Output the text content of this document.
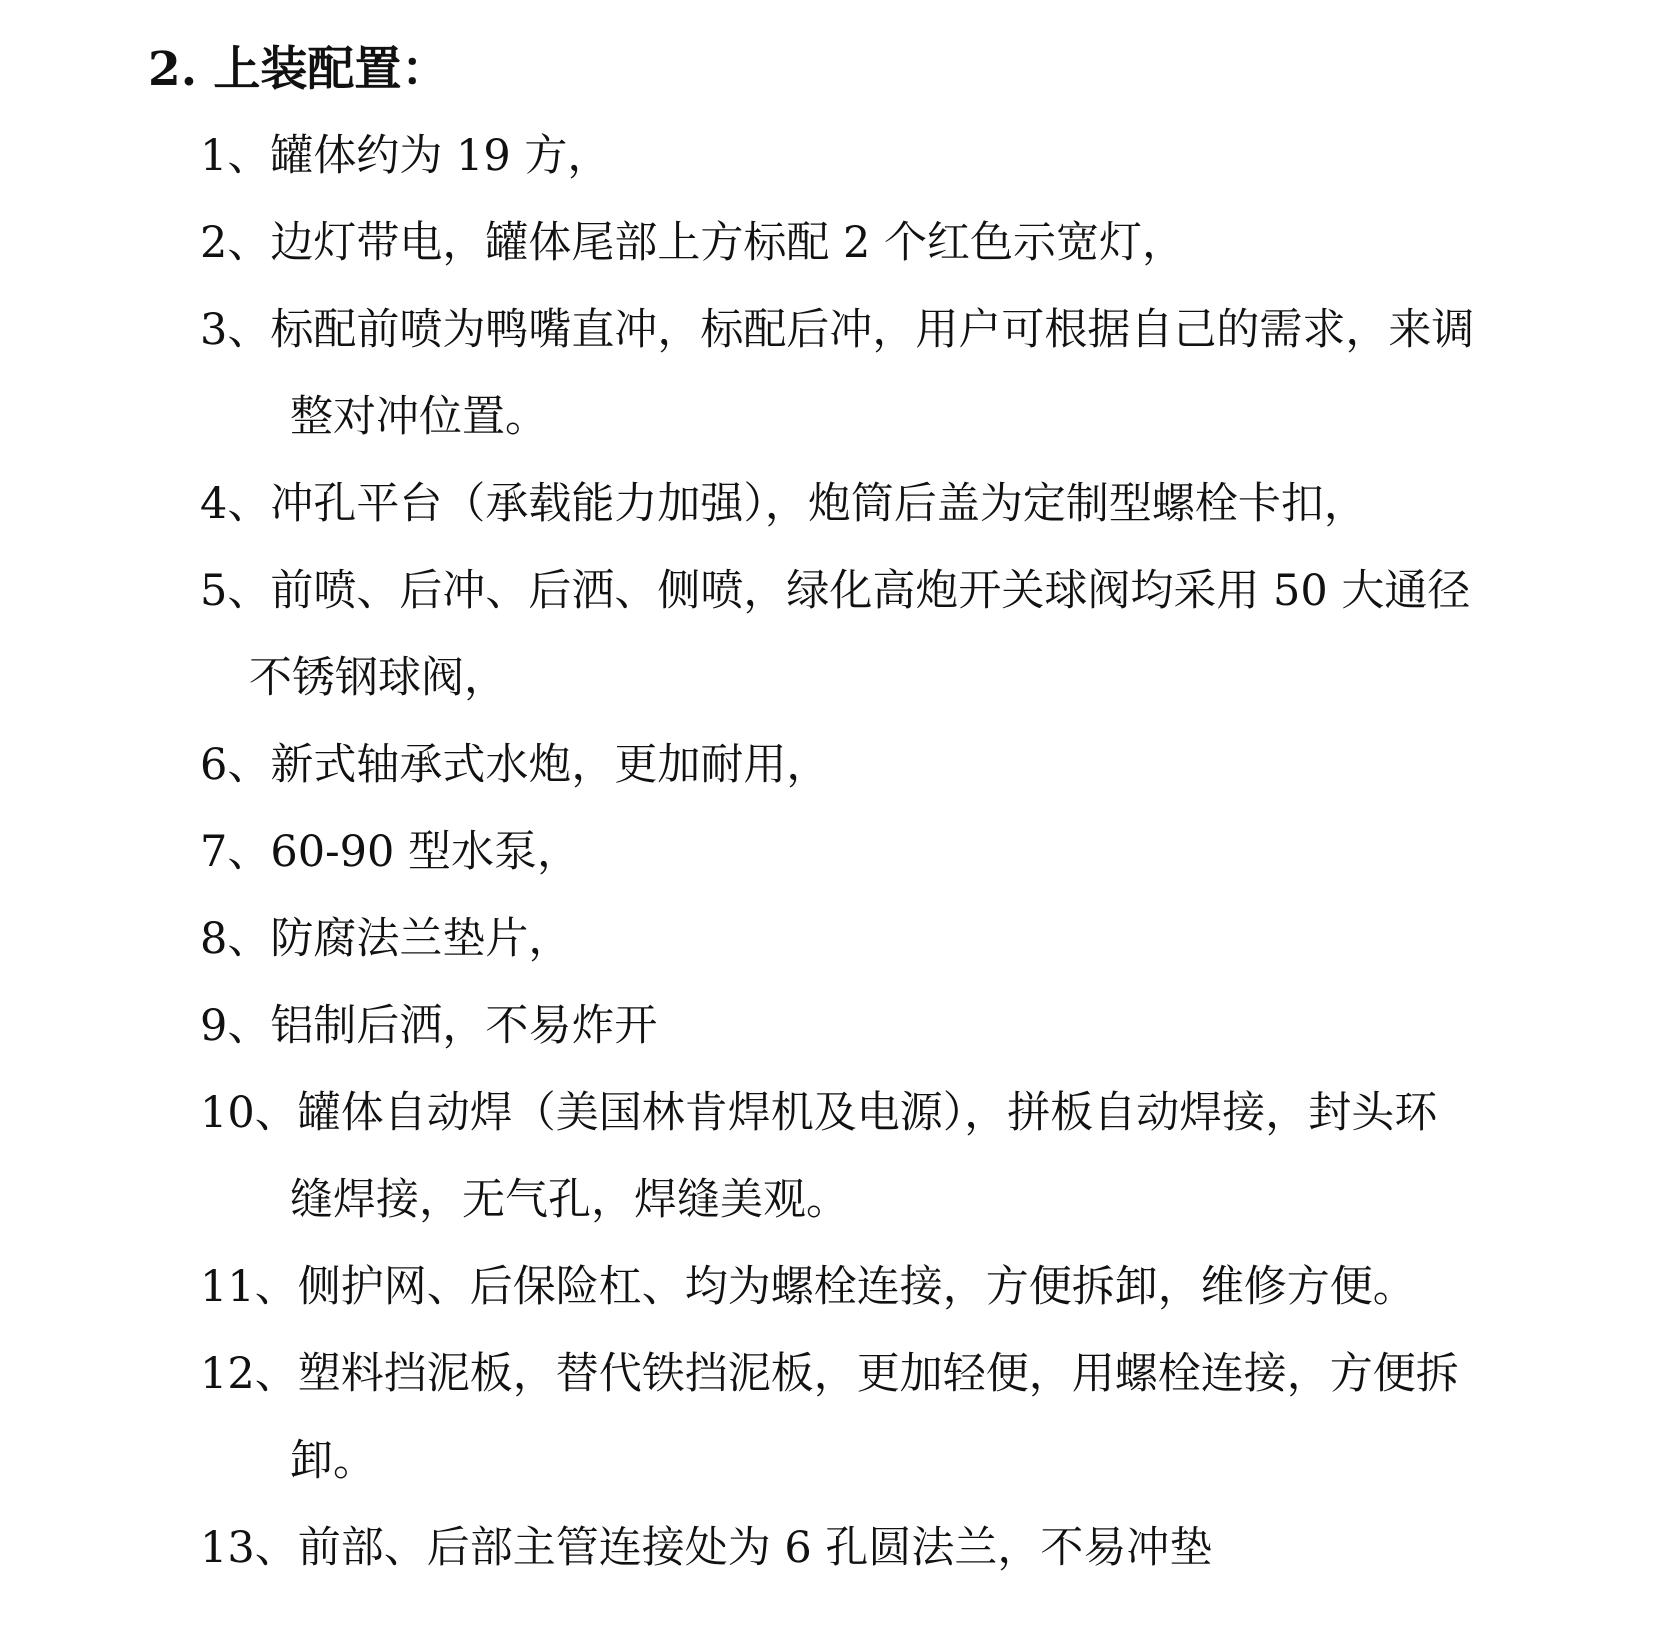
2. 上装配置：
1、罐体约为 19 方，
2、边灯带电，罐体尾部上方标配 2 个红色示宽灯，
3、标配前喷为鸭嘴直冲，标配后冲，用户可根据自己的需求，来调
整对冲位置。
4、冲孔平台（承载能力加强），炮筒后盖为定制型螺栓卡扣，
5、前喷、后冲、后洒、侧喷，绿化高炮开关球阀均采用 50 大通径
不锈钢球阀，
6、新式轴承式水炮，更加耐用，
7、60-90 型水泵，
8、防腐法兰垫片，
9、铝制后洒，不易炸开
10、罐体自动焊（美国林肯焊机及电源），拼板自动焊接，封头环
缝焊接，无气孔，焊缝美观。
11、侧护网、后保险杠、均为螺栓连接，方便拆卸，维修方便。
12、塑料挡泥板，替代铁挡泥板，更加轻便，用螺栓连接，方便拆
卸。
13、前部、后部主管连接处为 6 孔圆法兰，不易冲垫
